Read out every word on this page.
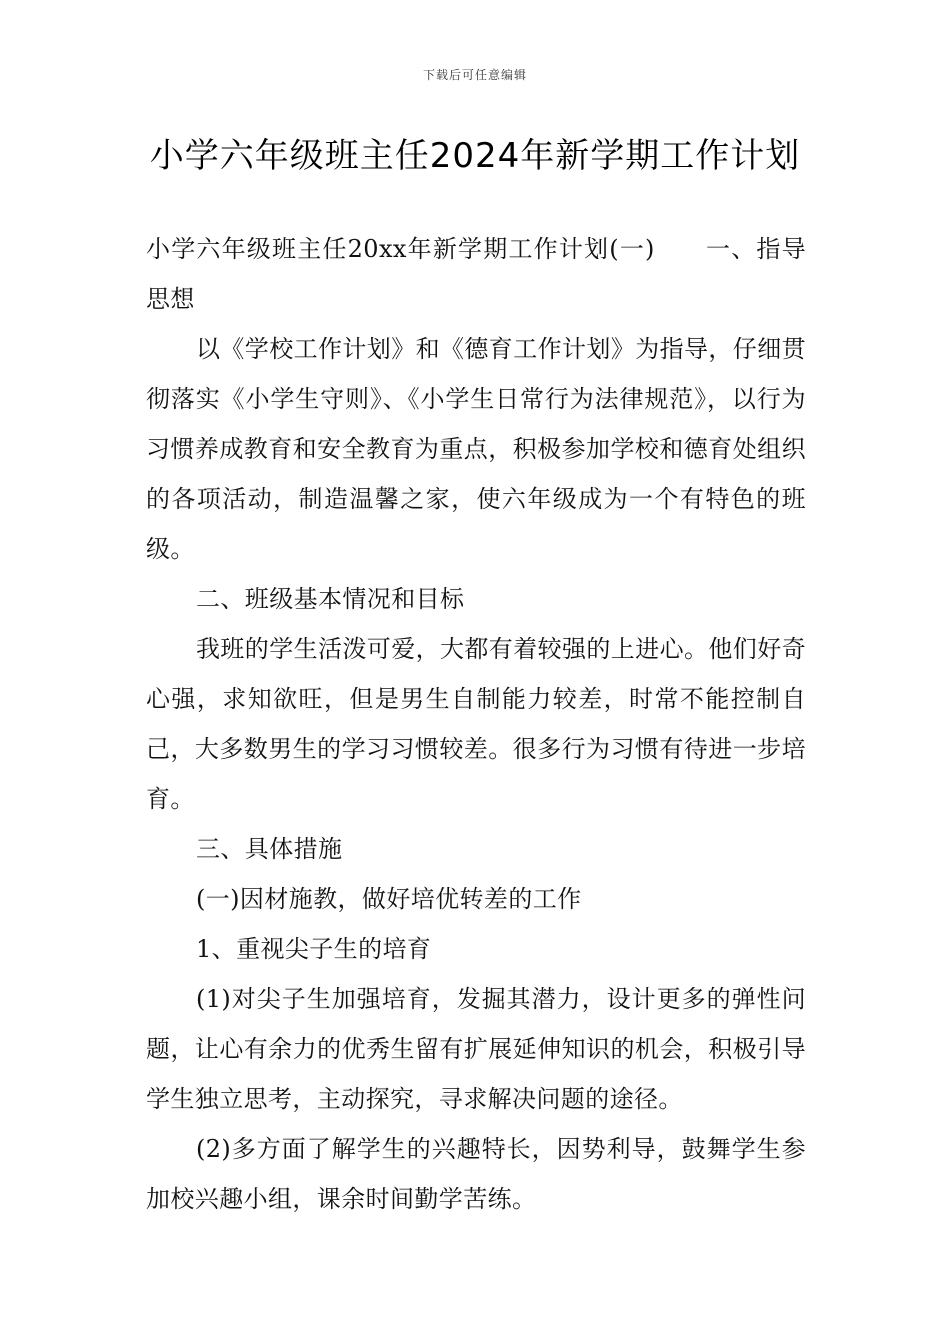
下载后可任意编辑
小学六年级班主任2024年新学期工作计划

小学六年级班主任20xx年新学期工作计划(一)　　一、指导思想

以《学校工作计划》和《德育工作计划》为指导，仔细贯彻落实《小学生守则》、《小学生日常行为法律规范》，以行为习惯养成教育和安全教育为重点，积极参加学校和德育处组织的各项活动，制造温馨之家，使六年级成为一个有特色的班级。

二、班级基本情况和目标

我班的学生活泼可爱，大都有着较强的上进心。他们好奇心强，求知欲旺，但是男生自制能力较差，时常不能控制自己，大多数男生的学习习惯较差。很多行为习惯有待进一步培育。

三、具体措施

(一)因材施教，做好培优转差的工作

1、重视尖子生的培育

(1)对尖子生加强培育，发掘其潜力，设计更多的弹性问题，让心有余力的优秀生留有扩展延伸知识的机会，积极引导学生独立思考，主动探究，寻求解决问题的途径。

(2)多方面了解学生的兴趣特长，因势利导，鼓舞学生参加校兴趣小组，课余时间勤学苦练。
